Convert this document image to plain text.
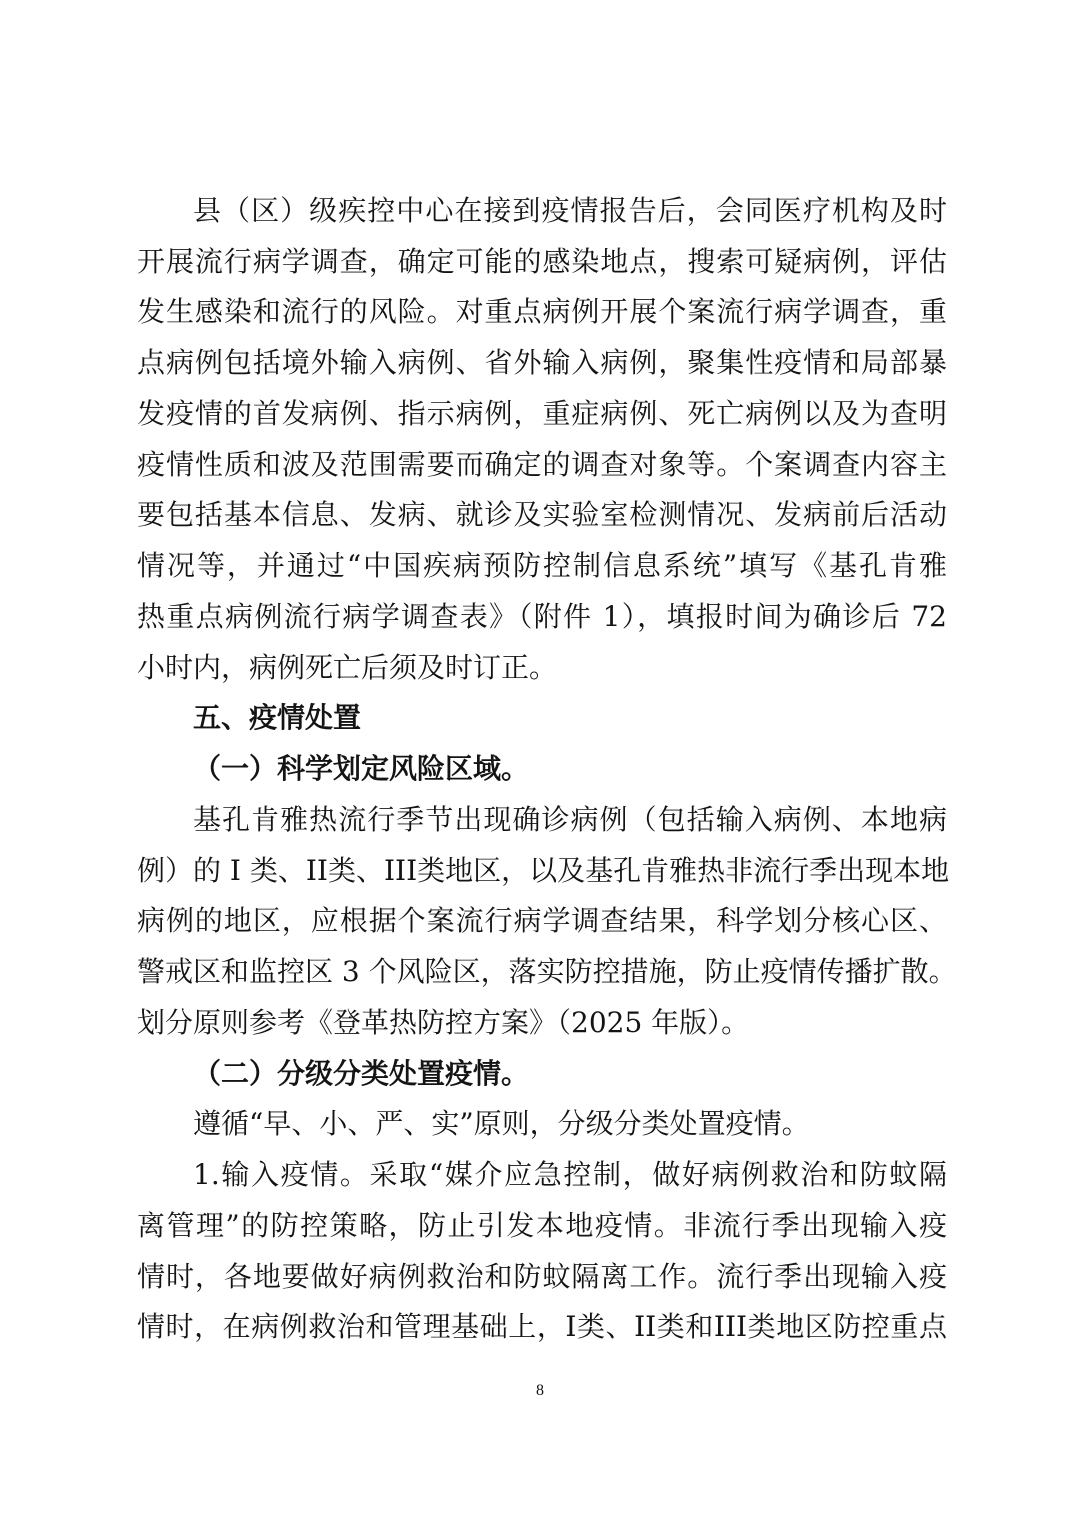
县（区）级疾控中心在接到疫情报告后，会同医疗机构及时
开展流行病学调查，确定可能的感染地点，搜索可疑病例，评估
发生感染和流行的风险。对重点病例开展个案流行病学调查，重
点病例包括境外输入病例、省外输入病例，聚集性疫情和局部暴
发疫情的首发病例、指示病例，重症病例、死亡病例以及为查明
疫情性质和波及范围需要而确定的调查对象等。个案调查内容主
要包括基本信息、发病、就诊及实验室检测情况、发病前后活动
情况等，并通过“中国疾病预防控制信息系统”填写《基孔肯雅
热重点病例流行病学调查表》（附件 1），填报时间为确诊后 72
小时内，病例死亡后须及时订正。
五、疫情处置
（一）科学划定风险区域。
基孔肯雅热流行季节出现确诊病例（包括输入病例、本地病
例）的 I 类、II类、III类地区，以及基孔肯雅热非流行季出现本地
病例的地区，应根据个案流行病学调查结果，科学划分核心区、
警戒区和监控区 3 个风险区，落实防控措施，防止疫情传播扩散。
划分原则参考《登革热防控方案》（2025 年版）。
（二）分级分类处置疫情。
遵循“早、小、严、实”原则，分级分类处置疫情。
1.输入疫情。采取“媒介应急控制，做好病例救治和防蚊隔
离管理”的防控策略，防止引发本地疫情。非流行季出现输入疫
情时，各地要做好病例救治和防蚊隔离工作。流行季出现输入疫
情时，在病例救治和管理基础上，I类、II类和III类地区防控重点
8
